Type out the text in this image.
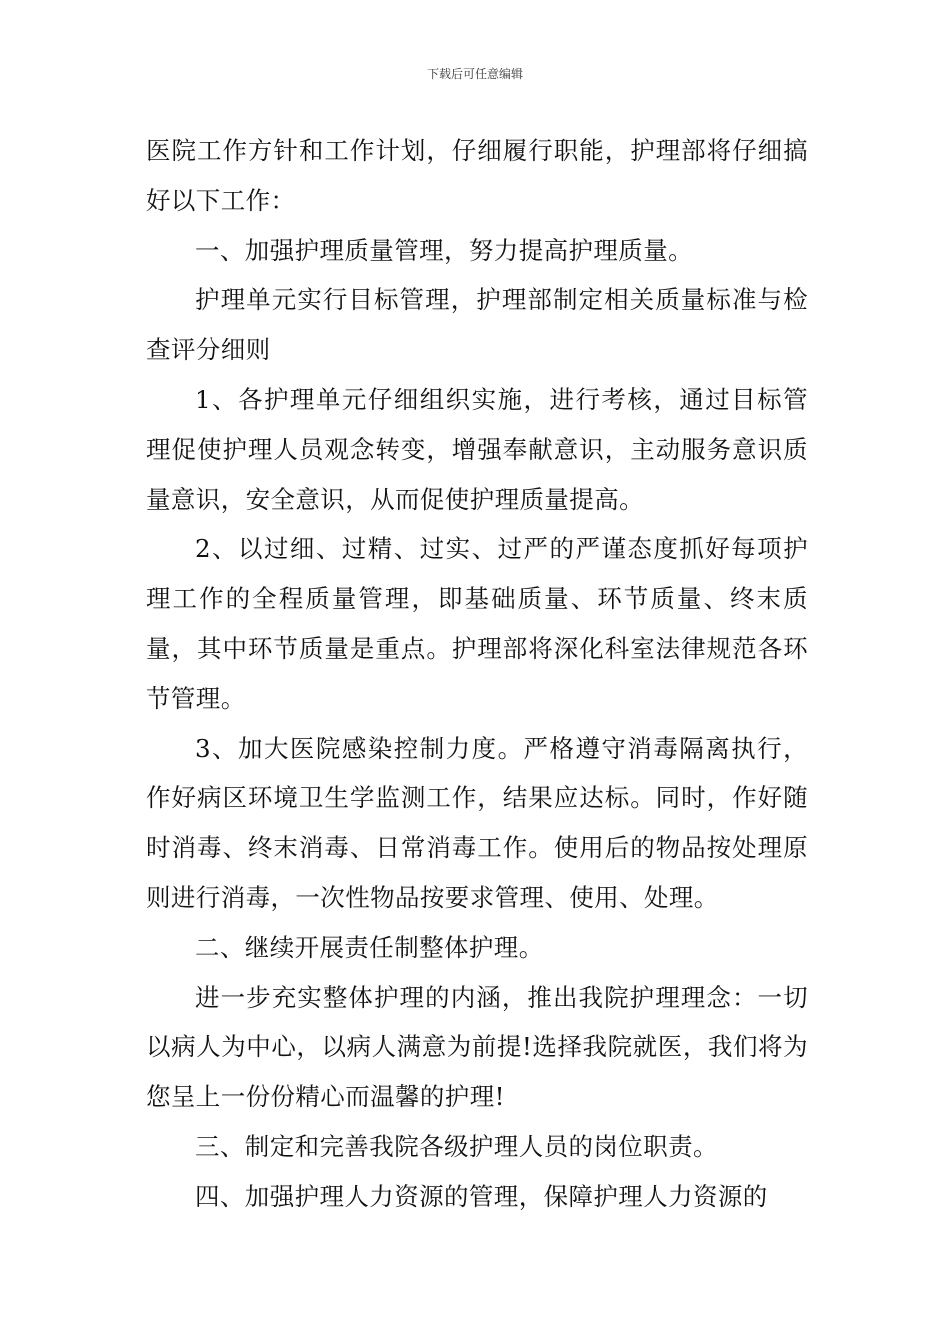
下载后可任意编辑

医院工作方针和工作计划，仔细履行职能，护理部将仔细搞好以下工作：

一、加强护理质量管理，努力提高护理质量。

护理单元实行目标管理，护理部制定相关质量标准与检查评分细则

1、各护理单元仔细组织实施，进行考核，通过目标管理促使护理人员观念转变，增强奉献意识，主动服务意识质量意识，安全意识，从而促使护理质量提高。

2、以过细、过精、过实、过严的严谨态度抓好每项护理工作的全程质量管理，即基础质量、环节质量、终末质量，其中环节质量是重点。护理部将深化科室法律规范各环节管理。

3、加大医院感染控制力度。严格遵守消毒隔离执行，作好病区环境卫生学监测工作，结果应达标。同时，作好随时消毒、终末消毒、日常消毒工作。使用后的物品按处理原则进行消毒，一次性物品按要求管理、使用、处理。

二、继续开展责任制整体护理。

进一步充实整体护理的内涵，推出我院护理理念：一切以病人为中心，以病人满意为前提!选择我院就医，我们将为您呈上一份份精心而温馨的护理!

三、制定和完善我院各级护理人员的岗位职责。

四、加强护理人力资源的管理，保障护理人力资源的
